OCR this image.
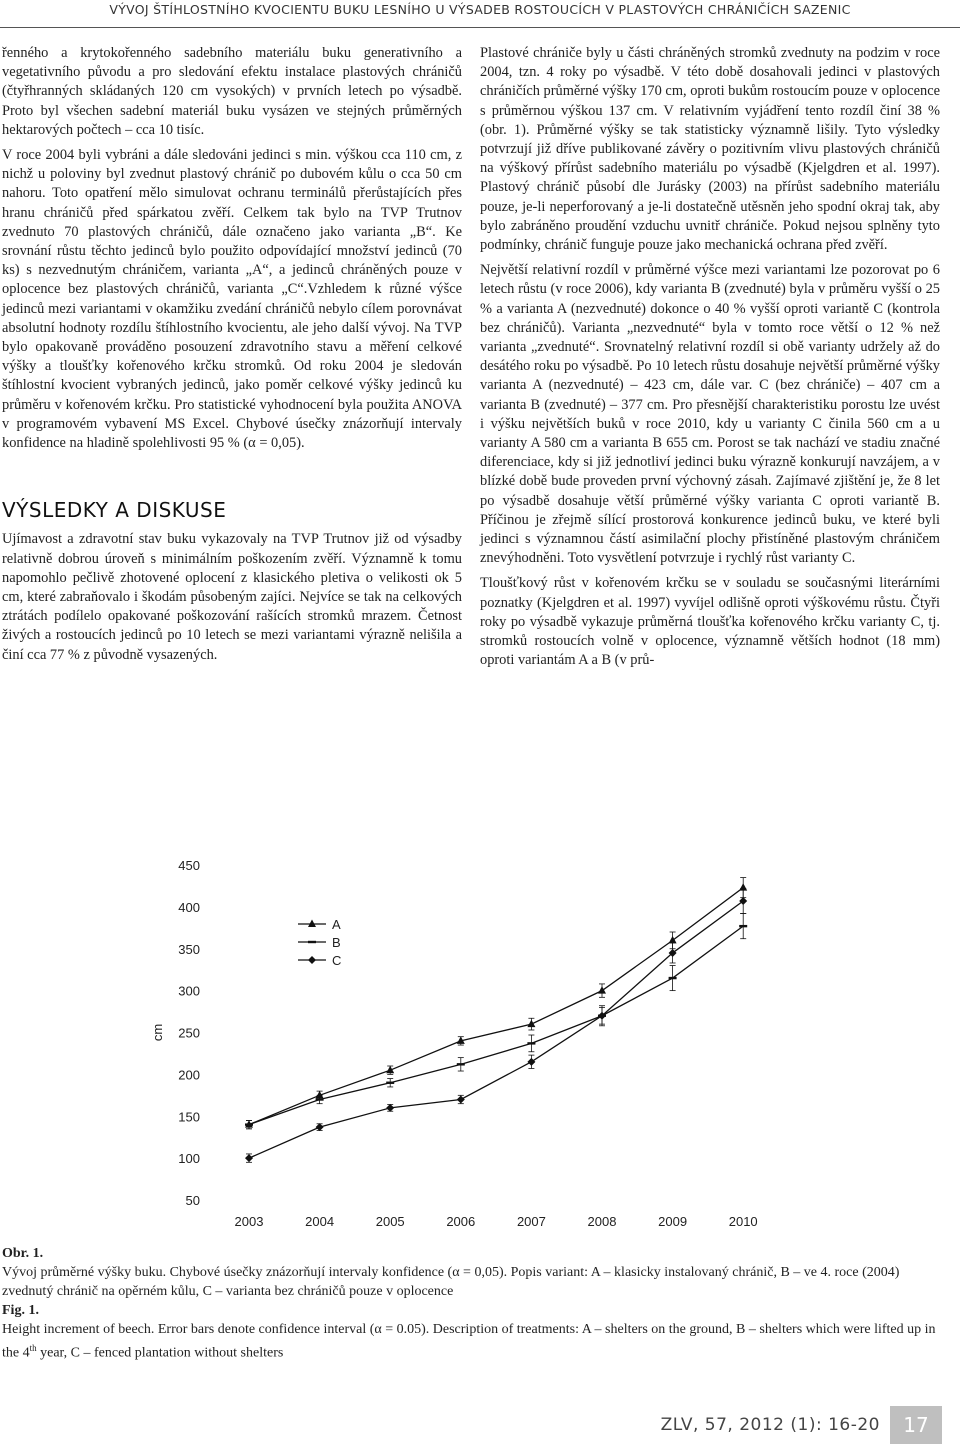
VÝVOJ ŠTÍHLOSTNÍHO KVOCIENTU BUKU LESNÍHO U VÝSADEB ROSTOUCÍCH V PLASTOVÝCH CHRÁNIČÍCH SAZENIC

řenného a krytokořenného sadebního materiálu buku generativního a vegetativního původu a pro sledování efektu instalace plastových chráničů (čtyřhranných skládaných 120 cm vysokých) v prvních letech po výsadbě. Proto byl všechen sadební materiál buku vysázen ve stejných průměrných hektarových počtech – cca 10 tisíc.

V roce 2004 byli vybráni a dále sledováni jedinci s min. výškou cca 110 cm, z nichž u poloviny byl zvednut plastový chránič po dubovém kůlu o cca 50 cm nahoru. Toto opatření mělo simulovat ochranu terminálů přerůstajících přes hranu chráničů před spárkatou zvěří. Celkem tak bylo na TVP Trutnov zvednuto 70 plastových chráničů, dále označeno jako varianta „B“. Ke srovnání růstu těchto jedinců bylo použito odpovídající množství jedinců (70 ks) s nezvednutým chráničem, varianta „A“, a jedinců chráněných pouze v oplocence bez plastových chráničů, varianta „C“.Vzhledem k různé výšce jedinců mezi variantami v okamžiku zvedání chráničů nebylo cílem porovnávat absolutní hodnoty rozdílu štíhlostního kvocientu, ale jeho další vývoj. Na TVP bylo opakovaně prováděno posouzení zdravotního stavu a měření celkové výšky a tloušťky kořenového krčku stromků. Od roku 2004 je sledován štíhlostní kvocient vybraných jedinců, jako poměr celkové výšky jedinců ku průměru v kořenovém krčku. Pro statistické vyhodnocení byla použita ANOVA v programovém vybavení MS Excel. Chybové úsečky znázorňují intervaly konfidence na hladině spolehlivosti 95 % (α = 0,05).

VÝSLEDKY A DISKUSE

Ujímavost a zdravotní stav buku vykazovaly na TVP Trutnov již od výsadby relativně dobrou úroveň s minimálním poškozením zvěří. Významně k tomu napomohlo pečlivě zhotovené oplocení z klasického pletiva o velikosti ok 5 cm, které zabraňovalo i škodám působeným zajíci. Nejvíce se tak na celkových ztrátách podílelo opakované poškozování rašících stromků mrazem. Četnost živých a rostoucích jedinců po 10 letech se mezi variantami výrazně nelišila a činí cca 77 % z původně vysazených.

Plastové chrániče byly u části chráněných stromků zvednuty na podzim v roce 2004, tzn. 4 roky po výsadbě. V této době dosahovali jedinci v plastových chráničích průměrné výšky 170 cm, oproti bukům rostoucím pouze v oplocence s průměrnou výškou 137 cm. V relativním vyjádření tento rozdíl činí 38 % (obr. 1). Průměrné výšky se tak statisticky významně lišily. Tyto výsledky potvrzují již dříve publikované závěry o pozitivním vlivu plastových chráničů na výškový přírůst sadebního materiálu po výsadbě (Kjelgdren et al. 1997). Plastový chránič působí dle Jurásky (2003) na přírůst sadebního materiálu pouze, je-li neperforovaný a je-li dostatečně utěsněn jeho spodní okraj tak, aby bylo zabráněno proudění vzduchu uvnitř chrániče. Pokud nejsou splněny tyto podmínky, chránič funguje pouze jako mechanická ochrana před zvěří.

Největší relativní rozdíl v průměrné výšce mezi variantami lze pozorovat po 6 letech růstu (v roce 2006), kdy varianta B (zvednuté) byla v průměru vyšší o 25 % a varianta A (nezvednuté) dokonce o 40 % vyšší oproti variantě C (kontrola bez chráničů). Varianta „nezvednuté“ byla v tomto roce větší o 12 % než varianta „zvednuté“. Srovnatelný relativní rozdíl si obě varianty udržely až do desátého roku po výsadbě. Po 10 letech růstu dosahuje největší průměrné výšky varianta A (nezvednuté) – 423 cm, dále var. C (bez chrániče) – 407 cm a varianta B (zvednuté) – 377 cm. Pro přesnější charakteristiku porostu lze uvést i výšku největších buků v roce 2010, kdy u varianty C činila 560 cm a u varianty A 580 cm a varianta B 655 cm. Porost se tak nachází ve stadiu značné diferenciace, kdy si již jednotliví jedinci buku výrazně konkurují navzájem, a v blízké době bude proveden první výchovný zásah. Zajímavé zjištění je, že 8 let po výsadbě dosahuje větší průměrné výšky varianta C oproti variantě B. Příčinou je zřejmě sílící prostorová konkurence jedinců buku, ve které byli jedinci s významnou částí asimilační plochy přistíněné plastovým chráničem znevýhodněni. Toto vysvětlení potvrzuje i rychlý růst varianty C.

Tloušťkový růst v kořenovém krčku se v souladu se současnými literárními poznatky (Kjelgdren et al. 1997) vyvíjel odlišně oproti výškovému růstu. Čtyři roky po výsadbě vykazuje průměrná tloušťka kořenového krčku varianty C, tj. stromků rostoucích volně v oplocence, významně větších hodnot (18 mm) oproti variantám A a B (v prů-

50
100
150
200
250
300
350
400
450
cm
2003	2004	2005	2006	2007	2008	2009	2010
A
B
C
Obr. 1.
Vývoj průměrné výšky buku. Chybové úsečky znázorňují intervaly konfidence (α = 0,05). Popis variant: A – klasicky instalovaný chránič, B – ve 4. roce (2004) zvednutý chránič na opěrném kůlu, C – varianta bez chráničů pouze v oplocence
Fig. 1.
Height increment of beech. Error bars denote confidence interval (α = 0.05). Description of treatments: A – shelters on the ground, B – shelters which were lifted up in the 4th year, C – fenced plantation without shelters
ZLV, 57, 2012 (1): 16-20	17
